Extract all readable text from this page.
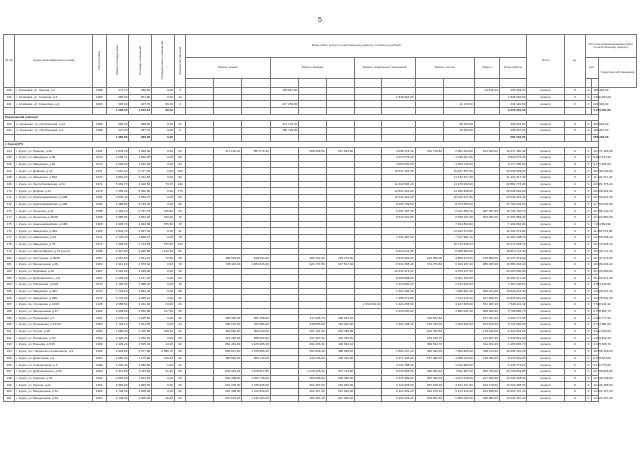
5
№ п/п	Адрес многоквартирного дома	Год постройки	Общая площадь дома	Площадь помещений	Площадь жилых помещений	Количество жителей	Виды работ (услуг) по капитальному ремонту, стоимость (рублей)												Итого	ед.	Источник финансирования работ по капитальному ремонту		
							Ремонт крыши			Ремонт фасада			Ремонт подвальных помещений		Ремонт систем		Лифты	Иные работы			руб.		Средства собственников

159	г. Климовка, ул. Ленина, д.1	1958	477,70	390,50	0,00	2				150 811,00							14 541,00	165 452,00	кв.метр	0	0	165 452,00	
160	г. Климовка, ул. Гагарина, д.5	1980	983,60	871,80	0,00	24								1 845 694,00				1 845 694,00	кв.метр	0	0	1 845 694,00	
161	г. Климовка, ул. Советская, д.2	1960	605,00	407,70	66,10	2				217 150,00						11 170,00		234 320,00	кв.метр	0	0	234 320,00	
			1 066,30	1 670,10	66,10													2 279 401,00				2 279 401,00	
Кореневский район(2)																							
162	п. Коренево, ул. Октябрьская, д.13	1958	960,20	568,60	0,00	21				371 170,00						29 354,00		400 524,00	кв.метр	0	0	400 524,00	
163	п. Коренево, ул. Октябрьская, д.3	1958	427,20	397,70	0,00	9				150 739,00						15 529,00		166 267,00	кв.метр	0	0	166 267,00	
			1 260,60	966,30	0,00													566 792,00				566 792,00	
г. Курск(377)																							
164	г. Курск, ул. Радище, д.39	1962	2 833,20	1 990,00	0,00	60		471 102,40	857 679,40		506 268,60	237 664,60		4 008 475,40	220 710,80	2 581 644,00	162 660,00	10 071 180,46	кв.метр	0	0	10 071 180,46	
165	г. Курск, ул. Заводская, д.96	1973	2 266,71	1 660,00	0,00	58								4 473 576,40		4 349 097,90		8 822 674,30	кв.метр	0	0	8 822 674,30	
166	г. Курск, ул. Заводская, д.81	1973	2 290,60	1 640,00	0,00	54								4 653 520,00		4 523 736,00		9 177 256,00	кв.метр	0	0	9 177 256,00	
167	г. Курск, ул. Дейнеки, д.16	1971	7 691,00	5 717,40	0,00	190								15 541 332,00		15 107 877,00		30 649 209,00	кв.метр	0	0	30 649 209,00	
168	г. Курск, ул. Заводская, д.59А	1972	3 864,20	4 244,60	0,00	84										11 432 317,40		11 432 317,40	кв.метр	0	0	11 432 317,40	
169	г. Курск, ул. Республиканская, д.44	1971	5 663,70	4 418,50	73,70	130								11 602 896,40		11 279 062,00		22 881 776,30	кв.метр	0	0	22 881 776,30	
170	г. Курск, ул. Добрая, д.21	1973	7 365,90	5 540,00	0,00	175								14 523 124,00		14 505 838,00		29 028 962,00	кв.метр	0	0	29 028 962,00	
171	г. Курск, ул. Красноармейская, д.20Б	1966	3 503,40	3 580,70	0,00	82								10 434 304,60		10 100 617,80		20 534 922,40	кв.метр	0	0	20 534 922,40	
172	г. Курск, ул. Красноармейская, д.23Б	1966	4 388,80	3 749,40	0,00	96								9 005 739,60		8 754 555,00		17 760 294,60	кв.метр	0	0	17 760 294,60	
173	г. Курск, ул. Энгельса, д.22	1968	3 193,20	2 757,70	425,80	69								6 297 187,00		6 121 556,10	287 397,00	12 706 140,70	кв.метр	0	0	12 706 140,70	
174	г. Курск, ул. Энгельса, д.26/28	1968	3 986,80	2 832,40	340,00	70								6 543 470,80		6 458 161,50	303 251,00	13 304 883,30	кв.метр	0	0	13 304 883,30	
175	г. Курск, ул. Красноармейская, д.16Б	1968	3 905,70	2 946,80	575,60	70										7 494 894,90		7 494 894,90	кв.метр	0	0	7 494 894,90	
176	г. Курск, ул. Заводская, д.45А	1969	3 843,70	4 537,40	0,00	91										11 202 573,80		11 202 573,80	кв.метр	0	0	11 202 573,80	
177	г. Курск, ул. Кавказская, д.10	1971	3 718,30	2 898,10	0,00	78								7 332 487,00		7 127 981,10		14 460 468,10	кв.метр	0	0	14 460 468,10	
178	г. Курск, ул. Заводская, д.79	1972	7 999,69	4 743,59	375,40	140										15 272 528,13		15 272 528,13	кв.метр	0	0	15 272 528,13	
179	г. Курск, ул. Карла Маркса, д.72 корп.6	1968	4 327,90	3 295,80	1 122,50	81								8 524 431,80		8 286 282,60		16 810 714,40	кв.метр	0	0	16 810 714,40	
180	г. Курск, ул. Халтурина, д.18/48	1957	2 067,50	1 511,10	72,50	66		468 994,00	618 694,00		484 792,00	233 479,00		3 918 394,00	224 055,00	3 809 679,00	178 850,00	10 137 674,00	кв.метр	0	0	10 137 674,00	
181	г. Курск, ул. Менделеева, д.39	1964	3 312,20	2 578,40	0,00	70		738 430,40	1 384 826,40		924 737,80	347 527,40		6 531 658,40	374 379,60	6 349 487,40	289 060,00	16 880 294,40	кв.метр	0	0	16 880 294,40	
182	г. Курск, ул. Парковая, д.16	1967	5 291,60	3 299,00	0,00	90								10 244 373,00		9 976 217,00		20 220 590,00	кв.метр	0	0	20 220 590,00	
183	г. Курск, ул. Дубровинского, д.8	1967	4 209,00	3 167,30	0,00	84								8 299 806,00		8 021 162,50		16 460 471,00	кв.метр	0	0	16 460 471,00	
184	г. Курск, ул. Обоянская, д.4/26	1970	1 196,60	1 388,40	0,00	70								2 219 830,20		2 143 530,40		4 363 440,60	кв.метр	0	0	4 363 440,60	
185	г. Курск, ул. Заводская, д.39А	1973	7 703,60	2 853,40	0,00	96								7 303 405,20		7 099 661,20	425 914,00	14 829 214,40	кв.метр	0	0	14 829 214,40	
186	г. Курск, ул. Заводская, д.39Б	1973	3 770,30	2 096,10	0,00	92								7 285 571,80		7 122 210,10	427 259,10	14 878 001,20	кв.метр	0	0	14 878 001,20	
187	г. Курск, пр-т Кулакова, д.13/15	1968	2 985,50	2 232,00	23,00	61							2 150 000,00	1 024 265,00		3 947 665,00	572 967,40	7 548 211,32	кв.метр	0	0	7 548 211,32	
188	г. Курск, ул. Менделеева, д.47	1962	2 659,60	2 250,80	117,50	55								1 630 530,00		3 680 031,10	658 306,30	5 708 866,70	кв.метр	0	0	5 708 866,70	
189	г. Курск, ул. Пушкарная, д.1	1957	1 076,70	1 235,60	0,00	42		365 365,00	661 458,00		417 095,70	190 061,40			160 647,80		157 047,00	2 030 777,90	кв.метр	0	0	2 030 777,90	
190	г. Курск, ул. Пушкарная, д.14/16	1960	1 702,10	1 811,50	0,00	44		380 670,00	702 986,00		438 855,00	193 022,00		3 361 268,00	152 793,00	3 269 842,00	169 645,00	8 721 981,00	кв.метр	0	0	8 721 981,00	
191	г. Курск, ул. Гоголя, д.18	1962	1 686,20	1 475,80	195,40	42		463 582,60	903 294,00		457 161,90	233 780,80			223 766,60		176 616,00	2 422 919,60	кв.метр	0	0	2 422 919,60	
192	г. Курск, ул. Литовская, д.7/2	1962	1 420,20	1 250,50	0,00	55		314 418,00	558 963,00		337 457,50	149 784,30			153 165,70		121 627,30	1 643 812,40	кв.метр	0	0	1 643 812,40	
193	г. Курск, ул. Блинова, д.5/15	1969	3 439,20	2 535,40	13,20	62		862 454,00	1 425 086,00		991 266,40	406 630,10			399 694,70		311 301,00	4 195 845,70	кв.метр	0	0	4 195 845,70	
194	г. Курск, пр-т Ленинского Комсомола, д.9	1965	4 003,80	2 977,80	2 586,70	56		656 607,20	1 579 885,20		564 918,40	488 058,40		7 881 637,20	456 322,00	7 660 829,20	348 114,00	19 958 120,20	кв.метр	0	0	19 958 120,20	
195	г. Курск, ул. Димитрова, д.9	1964	1 682,60	1 175,80	115,50	36		395 584,00	684 742,00		413 036,00	196 494,00		3 277 446,00	187 488,00	3 188 244,00	138 060,00	8 479 524,00	кв.метр	0	0	8 479 524,00	
196	г. Курск, ул. Станционная, д.1	1958	1 202,40	1 086,50	0,00	41								3 133 788,00		3 012 985,00		6 146 773,00	кв.метр	0	0	6 146 773,00	
197	г. Курск, ул. Дубровинского, д.8А	1964	4 374,80	3 110,80	41,40	84		843 393,00	1 878 817,80		1 016 625,20	476 713,80		8 035 905,60	460 452,40	7 811 387,60	366 732,00	20 799 826,80	кв.метр	0	0	20 799 826,80	
198	г. Курск, ул. Красная, д.34	1962	2 554,60	1 824,60	0,00	62		601 408,00	1 093 726,00		663 896,00	293 482,00		5 115 389,00	281 329,00	4 972 618,00	217 600,00	13 239 448,00	кв.метр	0	0	13 239 448,00	
199	г. Курск, ул. Лунина, д.21	1962	2 553,00	1 825,60	0,00	62		601 378,00	1 075 926,00		664 457,00	293 383,00		5 113 975,00	287 165,00	4 971 167,00	223 170,00	13 229 488,00	кв.метр	0	0	13 229 488,00	
200	г. Курск, ул. Менделеева, д.51	1964	2 748,60	2 008,90	0,00	62		601 408,00	1 072 840,00		664 457,40	297 500,00		5 424 329,20	294 070,40	5 272 919,40	224 890,00	14 023 157,20	кв.метр	0	0	14 023 157,20	
201	г. Курск, ул. Менделеева, д.53	1964	2 749,60	2 008,90	36,40	62		637 675,20	1 132 423,20		684 451,40	321 066,20		5 420 229,20	319 591,60	5 269 006,20	238 880,00	14 023 157,20	кв.метр	0	0	14 023 157,20	
